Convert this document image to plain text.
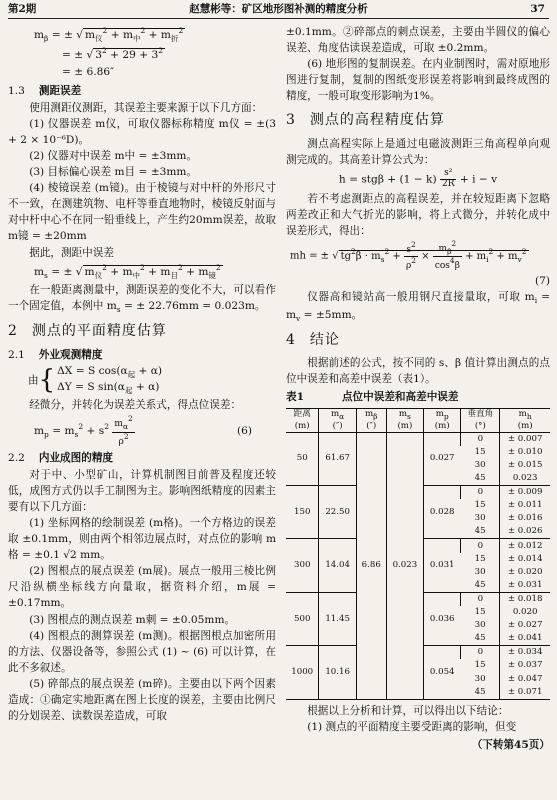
第2期	赵慧彬等：矿区地形图补测的精度分析	37
$m_\beta$ = ± √ $m_仪^2 + m_中^2 + m_折^2$
= ± √ $3^2 + 29 + 3^2$
= ± 6.86″
1.3 测距误差

使用测距仪测距，其误差主要来源于以下几方面：

(1) 仪器误差 m仪，可取仪器标称精度 m仪 = ±(3 + 2 × 10⁻⁶D)。

(2) 仪器对中误差 m中 = ±3mm。

(3) 目标偏心误差 m目 = ±3mm。

(4) 棱镜误差 (m镜)。由于棱镜与对中杆的外形尺寸不一致，在测建筑物、电杆等垂直地物时，棱镜反射面与对中杆中心不在同一铅垂线上，产生约20mm误差，故取 m镜 = ±20mm

据此，测距中误差

$m_s$ = ± √ $m_仪^2 + m_中^2 + m_目^2 + m_镜^2$

在一般距离测量中，测距误差的变化不大，可以看作一个固定值，本例中 $m_s$ = ± 22.76mm = 0.023m。

2 测点的平面精度估算
2.1 外业观测精度
由{ ΔX = S $\cos(\alpha_起 + \alpha)$
ΔY = S $\sin(\alpha_起 + \alpha)$

经微分，并转化为误差关系式，得点位误差：

$m_p = m_s^2 + s^2 \frac{m_\alpha^2}{\rho^2}$	(6)
2.2 内业成图的精度

对于中、小型矿山，计算机制图目前普及程度还较低，成图方式仍以手工制图为主。影响图纸精度的因素主要有以下几方面：

(1) 坐标网格的绘制误差 (m格)。一个方格边的误差取 ±0.1mm，则由两个相邻边展点时，对点位的影响 m格 = ±0.1 √2 mm。

(2) 图根点的展点误差 (m展)。展点一般用三棱比例尺沿纵横坐标线方向量取，据资料介绍，m展 = ±0.17mm。

(3) 图根点的测点误差 m刺 = ±0.05mm。

(4) 图根点的测算误差 (m测)。根据图根点加密所用的方法、仪器设备等，参照公式 (1) ~ (6) 可以计算，在此不多叙述。

(5) 碎部点的展点误差 (m碎)。主要由以下两个因素造成：①确定实地距离在图上长度的误差，主要由比例尺的分划误差、读数误差造成，可取

±0.1mm。②碎部点的刺点误差，主要由半圆仪的偏心误差、角度估读误差造成，可取 ±0.2mm。

(6) 地形图的复制误差。在内业制图时，需对原地形图进行复制，复制的图纸变形误差将影响到最终成图的精度，一般可取变形影响为1%。

3 测点的高程精度估算

测点高程实际上是通过电磁波测距三角高程单向观测完成的。其高差计算公式为：

$h = stg\beta + (1 - k) \frac{\text{s²}}{2R} + i - v$

若不考虑测距点的高程误差，并在较短距离下忽略两差改正和大气折光的影响，将上式微分，并转化成中误差形式，得出：

mh = ± √ $tg^2\beta \cdot m_s^2 + \frac{s^2}{\rho^2} \times \frac{m_\beta^2}{\cos^4\beta} + m_i^2 + m_v^2$
(7)

仪器高和镜站高一般用钢尺直接量取，可取 $m_i = m_v = \pm 5mm$。

4 结论

根据前述的公式，按不同的 s、β 值计算出测点的点位中误差和高差中误差（表1）。

表1	点位中误差和高差中误差
距离	mα	mβ	ms	mp	垂直角	mh
(m)	(″)	(″)	(m)	(m)	(°)	(m)
50	61.67	6.86	0.023	0.027	0	± 0.007
					15	± 0.010
					30	± 0.015
					45	0.023
150	22.50			0.028	0	± 0.009
					15	± 0.011
					30	± 0.016
					45	± 0.026
300	14.04			0.031	0	± 0.012
					15	± 0.014
					30	± 0.020
					45	± 0.031
500	11.45			0.036	0	± 0.018
					15	0.020
					30	± 0.027
					45	± 0.041
1000	10.16			0.054	0	± 0.034
					15	± 0.037
					30	± 0.047
					45	± 0.071

根据以上分析和计算，可以得出以下结论：

(1) 测点的平面精度主要受距离的影响，但变

（下转第45页）
